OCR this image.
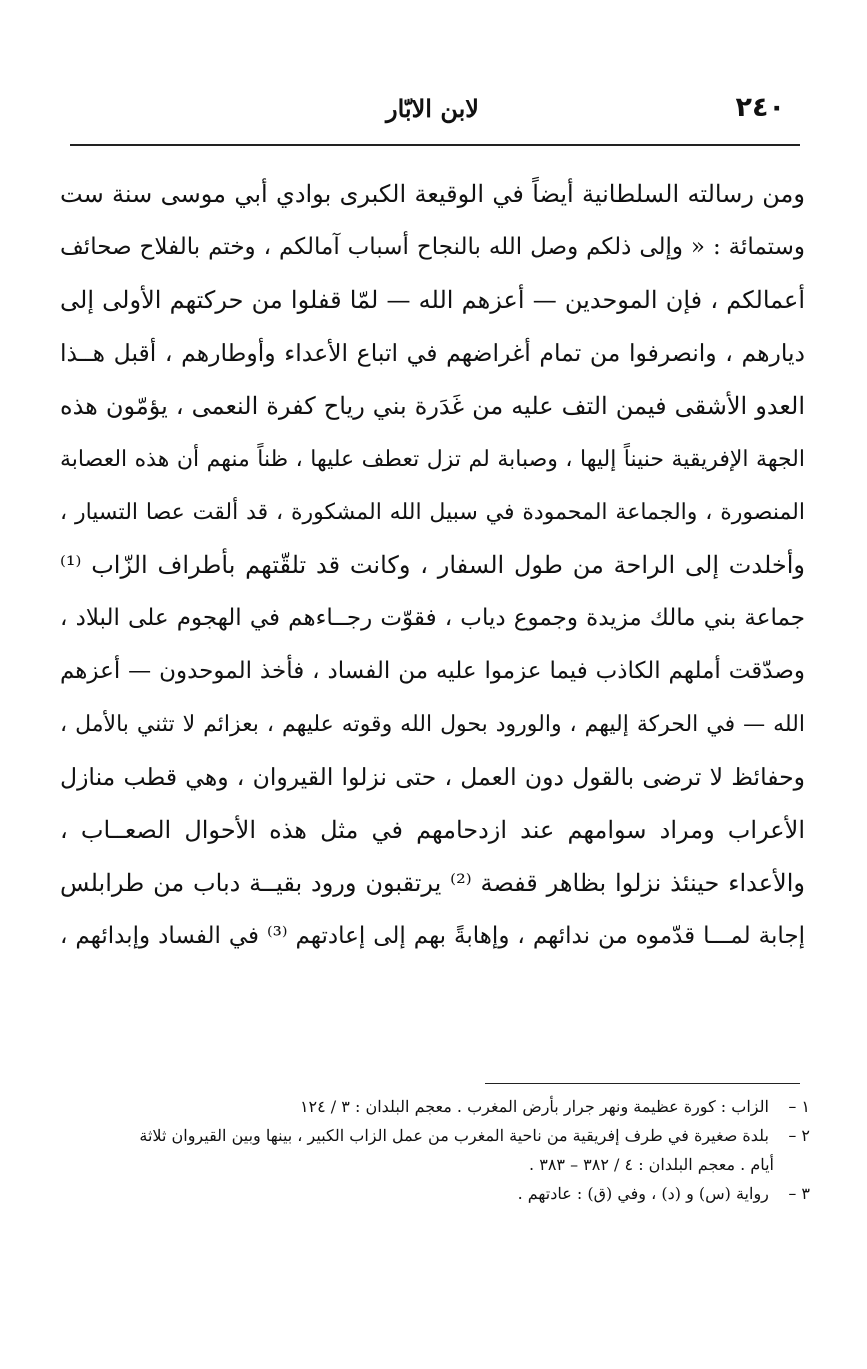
٢٤٠
لابن الابّار
ومن رسالته السلطانية أيضاً في الوقيعة الكبرى بوادي أبي موسى سنة ست
وستمائة : « وإلى ذلكم وصل الله بالنجاح أسباب آمالكم ، وختم بالفلاح صحائف
أعمالكم ، فإن الموحدين — أعزهم الله — لمّا قفلوا من حركتهم الأولى إلى
ديارهم ، وانصرفوا من تمام أغراضهم في اتباع الأعداء وأوطارهم ، أقبل هــذا
العدو الأشقى فيمن التف عليه من غَدَرة بني رياح كفرة النعمى ، يؤمّون هذه
الجهة الإفريقية حنيناً إليها ، وصبابة لم تزل تعطف عليها ، ظناً منهم أن هذه العصابة
المنصورة ، والجماعة المحمودة في سبيل الله المشكورة ، قد ألقت عصا التسيار ،
وأخلدت إلى الراحة من طول السفار ، وكانت قد تلقّتهم بأطراف الزّاب ⁽¹⁾
جماعة بني مالك مزيدة وجموع دياب ، فقوّت رجــاءهم في الهجوم على البلاد ،
وصدّقت أملهم الكاذب فيما عزموا عليه من الفساد ، فأخذ الموحدون — أعزهم
الله — في الحركة إليهم ، والورود بحول الله وقوته عليهم ، بعزائم لا تثني بالأمل ،
وحفائظ لا ترضى بالقول دون العمل ، حتى نزلوا القيروان ، وهي قطب منازل
الأعراب ومراد سوامهم عند ازدحامهم في مثل هذه الأحوال الصعــاب ،
والأعداء حينئذ نزلوا بظاهر قفصة ⁽²⁾ يرتقبون ورود بقيــة دباب من طرابلس
إجابة لمـــا قدّموه من ندائهم ، وإهابةً بهم إلى إعادتهم ⁽³⁾ في الفساد وإبدائهم ،
١ – الزاب : كورة عظيمة ونهر جرار بأرض المغرب . معجم البلدان : ٣ / ١٢٤
٢ – بلدة صغيرة في طرف إفريقية من ناحية المغرب من عمل الزاب الكبير ، بينها وبين القيروان ثلاثة
أيام . معجم البلدان : ٤ / ٣٨٢ – ٣٨٣ .
٣ – رواية (س) و (د) ، وفي (ق) : عادتهم .
